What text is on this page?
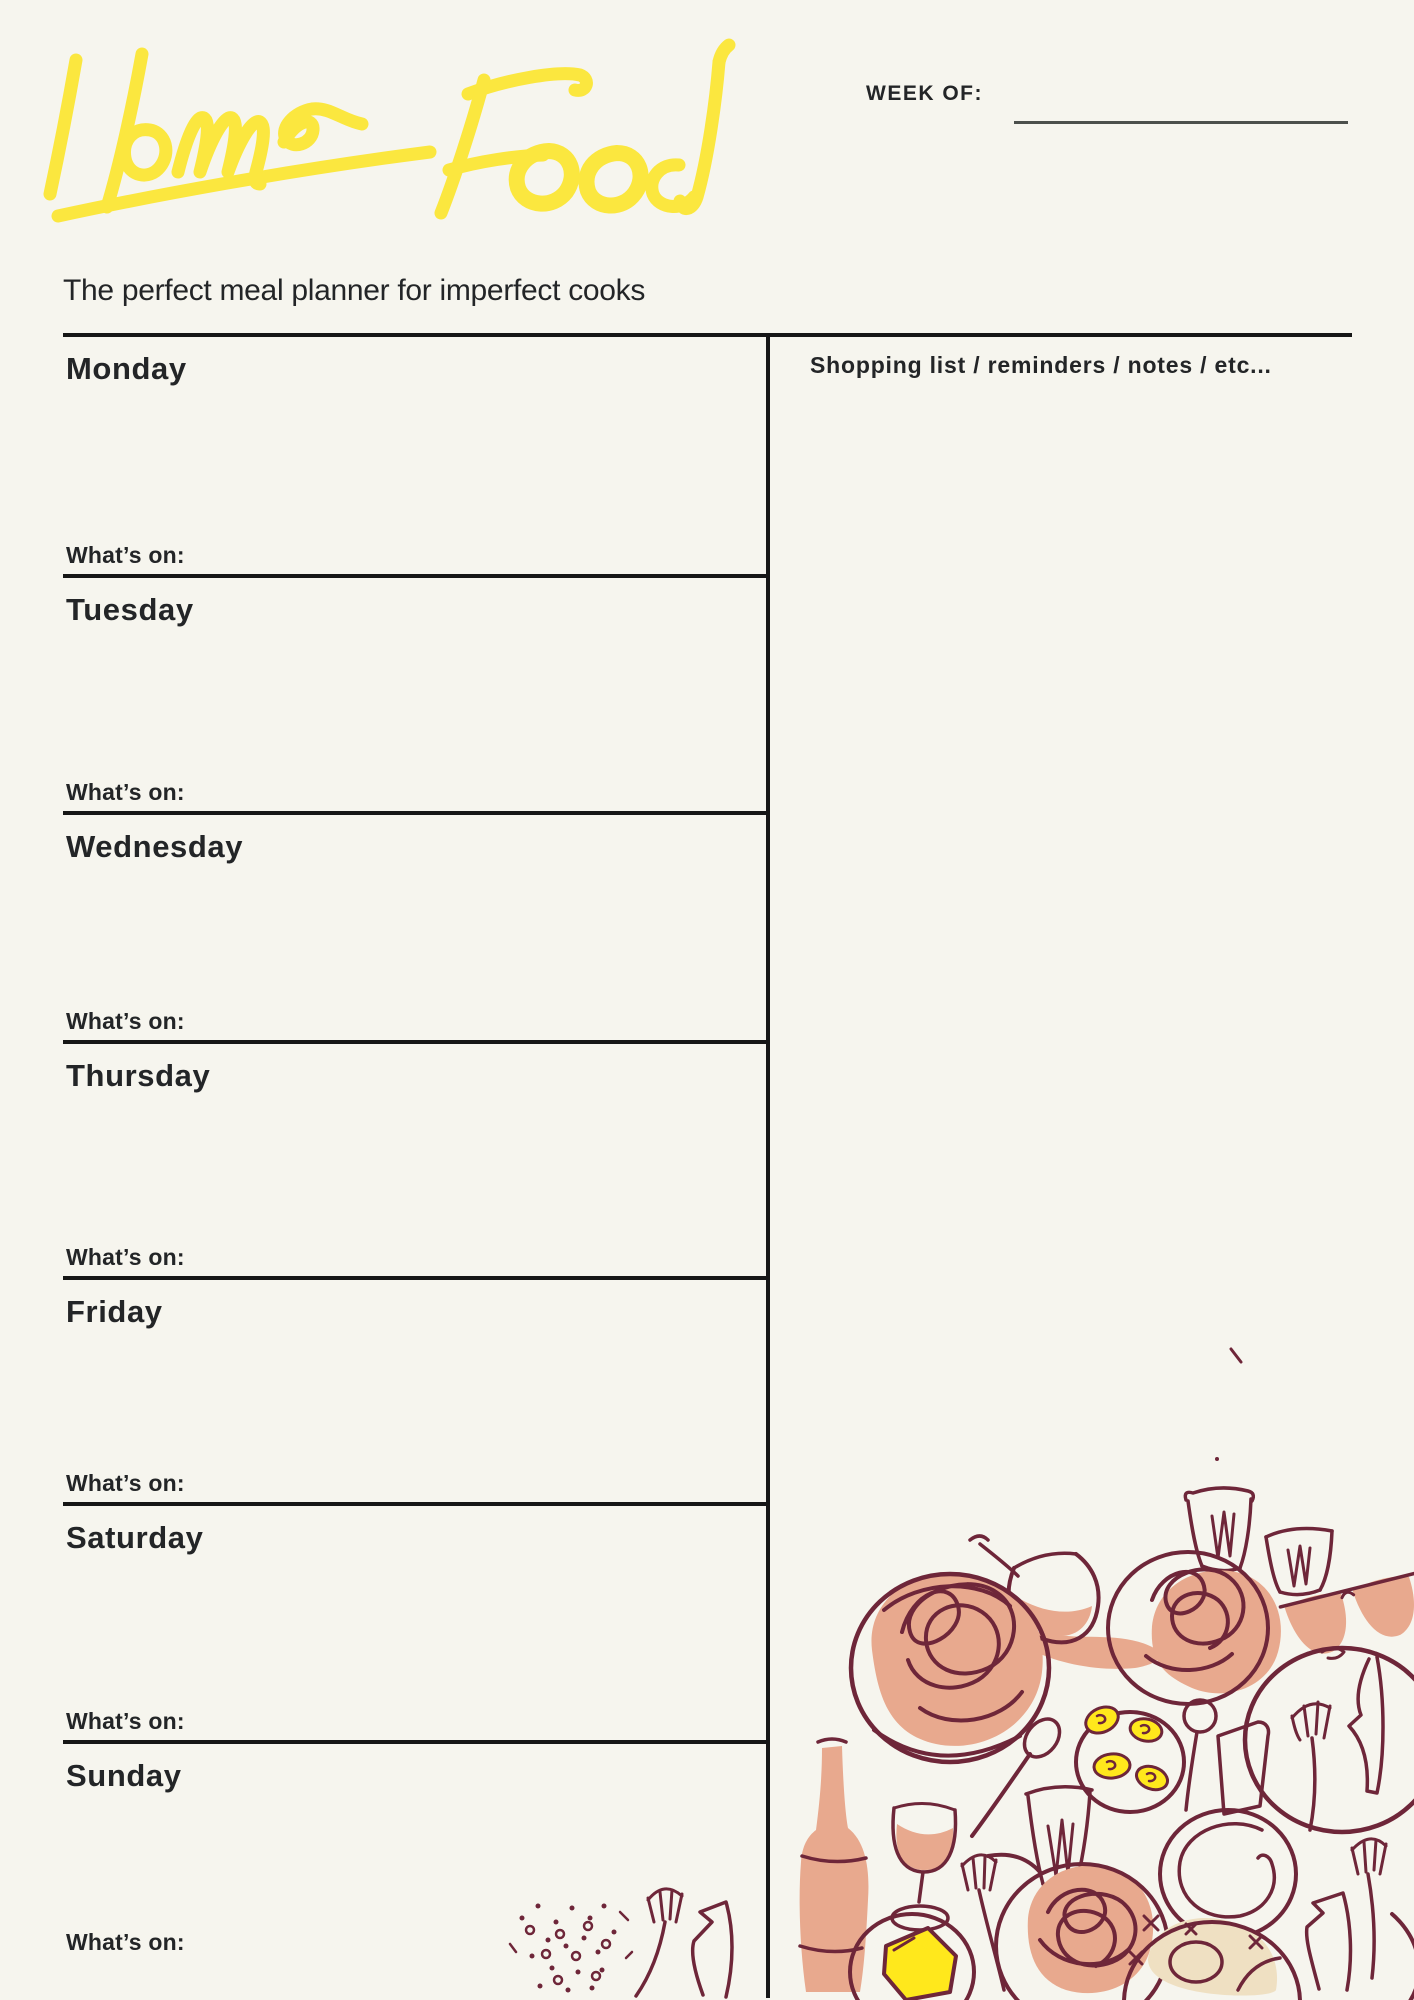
WEEK OF:
The perfect meal planner for imperfect cooks
Monday
What’s on:
Tuesday
What’s on:
Wednesday
What’s on:
Thursday
What’s on:
Friday
What’s on:
Saturday
What’s on:
Sunday
What’s on:
Shopping list / reminders / notes / etc...
